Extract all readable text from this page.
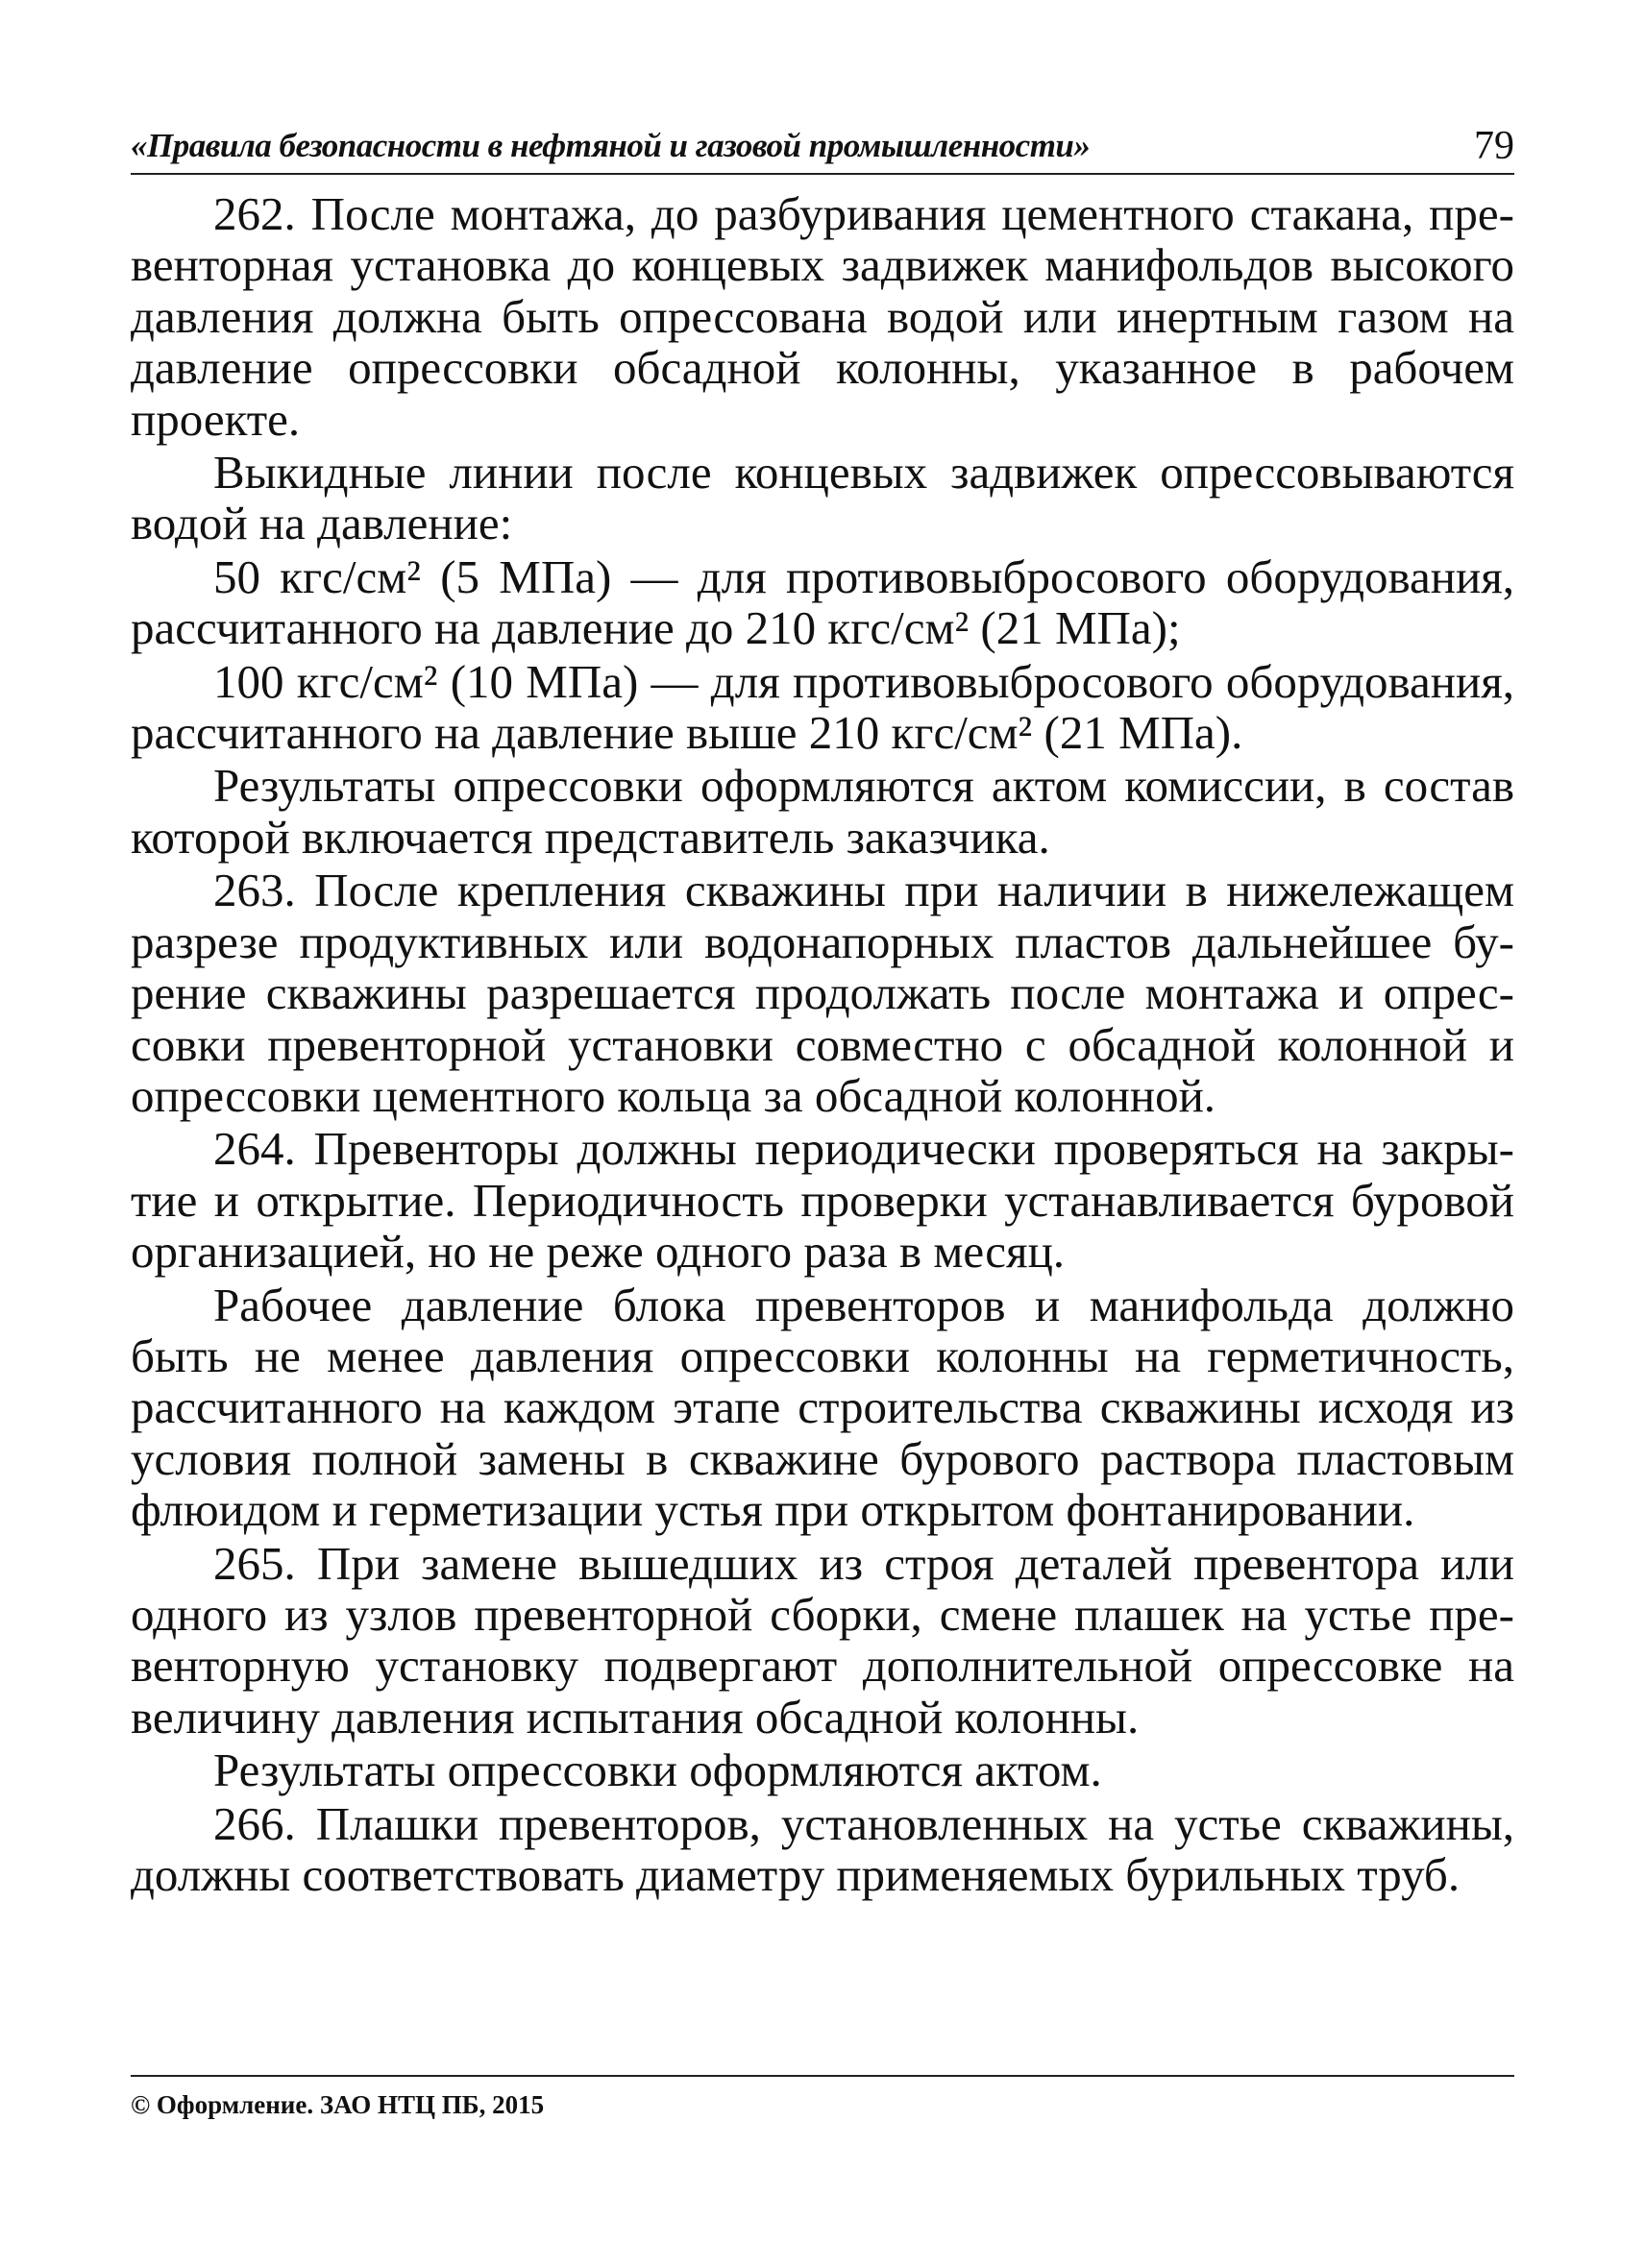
«Правила безопасности в нефтяной и газовой промышленности»	79

262. После монтажа, до разбуривания цементного стакана, превенторная установка до концевых задвижек манифольдов высокого давления должна быть опрессована водой или инертным газом на давление опрессовки обсадной колонны, указанное в рабочем проекте.

Выкидные линии после концевых задвижек опрессовываются водой на давление:

50 кгс/см² (5 МПа) — для противовыбросового оборудования, рассчитанного на давление до 210 кгс/см² (21 МПа);

100 кгс/см² (10 МПа) — для противовыбросового оборудования, рассчитанного на давление выше 210 кгс/см² (21 МПа).

Результаты опрессовки оформляются актом комиссии, в состав которой включается представитель заказчика.

263. После крепления скважины при наличии в нижележащем разрезе продуктивных или водонапорных пластов дальнейшее бурение скважины разрешается продолжать после монтажа и опрессовки превенторной установки совместно с обсадной колонной и опрессовки цементного кольца за обсадной колонной.

264. Превенторы должны периодически проверяться на закрытие и открытие. Периодичность проверки устанавливается буровой организацией, но не реже одного раза в месяц.

Рабочее давление блока превенторов и манифольда должно быть не менее давления опрессовки колонны на герметичность, рассчитанного на каждом этапе строительства скважины исходя из условия полной замены в скважине бурового раствора пластовым флюидом и герметизации устья при открытом фонтанировании.

265. При замене вышедших из строя деталей превентора или одного из узлов превенторной сборки, смене плашек на устье превенторную установку подвергают дополнительной опрессовке на величину давления испытания обсадной колонны.

Результаты опрессовки оформляются актом.

266. Плашки превенторов, установленных на устье скважины, должны соответствовать диаметру применяемых бурильных труб.

© Оформление. ЗАО НТЦ ПБ, 2015
